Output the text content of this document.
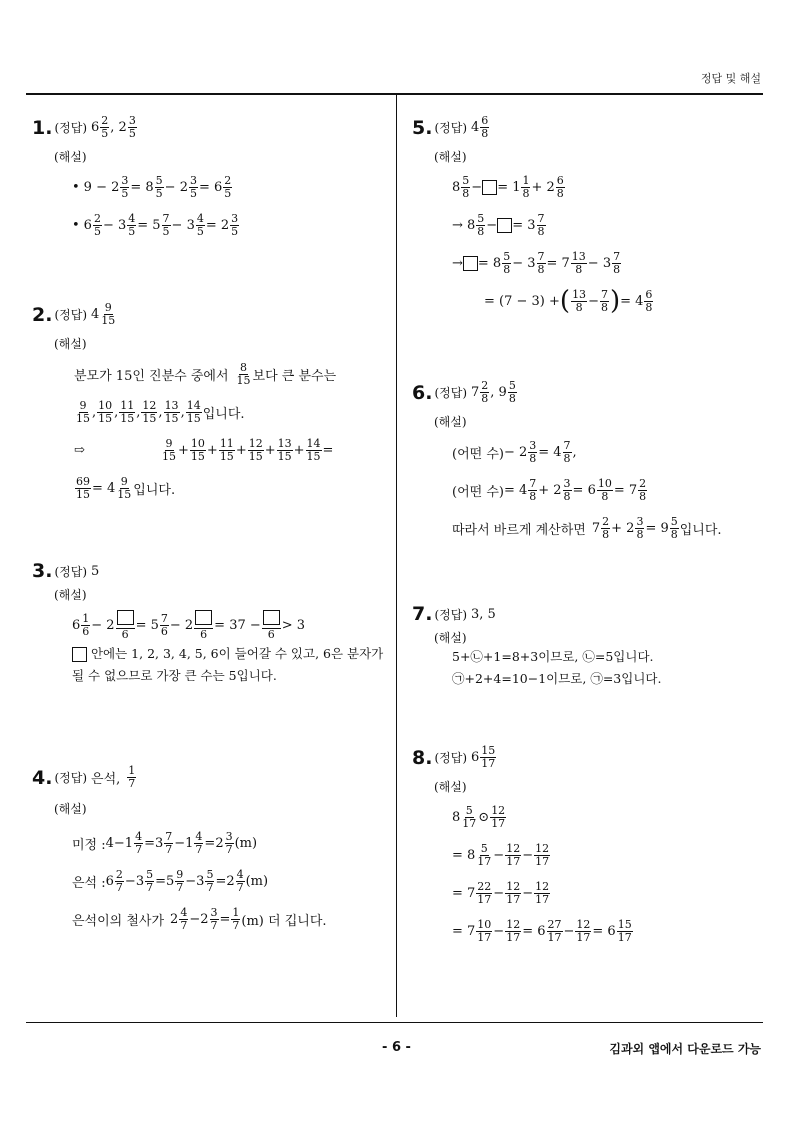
정답 및 해설
- 6 -	김과외 앱에서 다운로드 가능
1. (정답) $6 \frac{2}{5}$ , $2 \frac{3}{5}$
(해설)
• $9 - 2 \frac{3}{5} = 8 \frac{5}{5} - 2 \frac{3}{5} = 6 \frac{2}{5}$
• $6 \frac{2}{5} - 3 \frac{4}{5} = 5 \frac{7}{5} - 3 \frac{4}{5} = 2 \frac{3}{5}$
2. (정답) $4 \frac{9}{15}$
(해설)
분모가 15인 진분수 중에서 $\frac{8}{15}$ 보다 큰 분수는
$\frac{9}{15}$ , $\frac{10}{15}$ , $\frac{11}{15}$ , $\frac{12}{15}$ , $\frac{13}{15}$ , $\frac{14}{15}$ 입니다.
⇨	$\frac{9}{15} + \frac{10}{15} + \frac{11}{15} + \frac{12}{15} + \frac{13}{15} + \frac{14}{15}$ =
$\frac{69}{15} = 4 \frac{9}{15}$ 입니다.
3. (정답) 5
(해설)
$6 \frac{1}{6} - 2$
6
= $5 \frac{7}{6} - 2$
6
= 37 −
6
> 3
안에는 1, 2, 3, 4, 5, 6이 들어갈 수 있고, 6은 분자가 될 수 없으므로 가장 큰 수는 5입니다.
4. (정답) 은석, $\frac{1}{7}$
(해설)
미정 : $4-1 \frac{4}{7} =3 \frac{7}{7} -1 \frac{4}{7} =2 \frac{3}{7} (m)$
은석 : $6 \frac{2}{7} -3 \frac{5}{7} =5 \frac{9}{7} -3 \frac{5}{7} =2 \frac{4}{7} (m)$
은석이의 철사가 $2 \frac{4}{7} -2 \frac{3}{7} = \frac{1}{7} (m)$ 더 깁니다.
5. (정답) $4 \frac{6}{8}$
(해설)
$8 \frac{5}{8}$ − = $1 \frac{1}{8} + 2 \frac{6}{8}$
→ $8 \frac{5}{8}$ − = $3 \frac{7}{8}$
→
= $8 \frac{5}{8} - 3 \frac{7}{8} = 7 \frac{13}{8} - 3 \frac{7}{8}$
= (7 − 3) + ( $\frac{13}{8} - \frac{7}{8}$ ) = $4 \frac{6}{8}$
6. (정답) $7 \frac{2}{8}$ , $9 \frac{5}{8}$
(해설)
(어떤 수) − $2 \frac{3}{8} = 4 \frac{7}{8}$ ,
(어떤 수) = $4 \frac{7}{8} + 2 \frac{3}{8} = 6 \frac{10}{8} = 7 \frac{2}{8}$
따라서 바르게 계산하면 $7 \frac{2}{8} + 2 \frac{3}{8} = 9 \frac{5}{8}$ 입니다.
7. (정답) 3, 5
(해설)
5+㉡+1=8+3이므로, ㉡=5입니다.
㉠+2+4=10−1이므로, ㉠=3입니다.
8. (정답) $6 \frac{15}{17}$
(해설)
$8 \frac{5}{17}$ ⊙ $\frac{12}{17}$
= $8 \frac{5}{17} - \frac{12}{17} - \frac{12}{17}$
= $7 \frac{22}{17} - \frac{12}{17} - \frac{12}{17}$
= $7 \frac{10}{17} - \frac{12}{17} = 6 \frac{27}{17} - \frac{12}{17} = 6 \frac{15}{17}$
